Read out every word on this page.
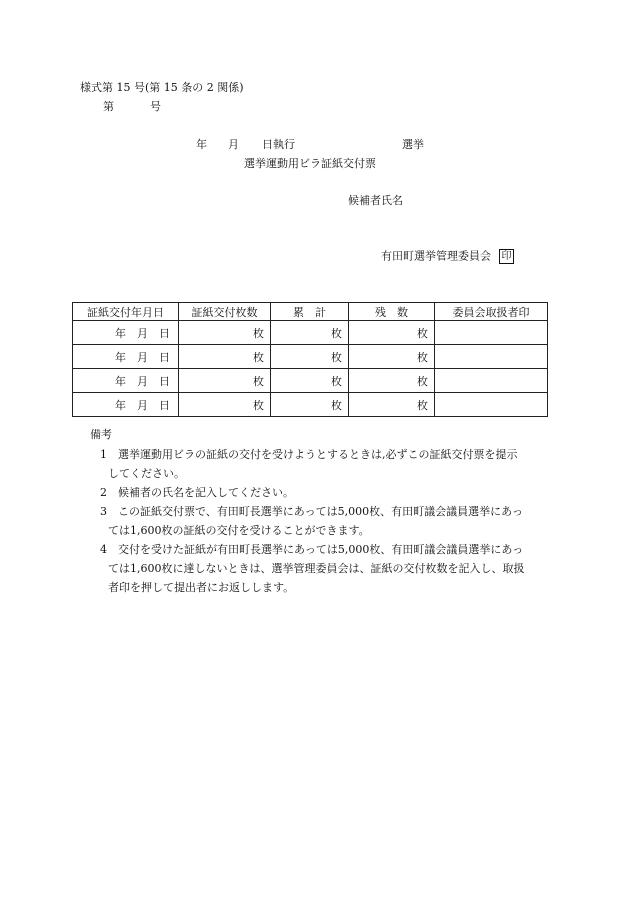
様式第 15 号(第 15 条の 2 関係)
第	号
年 月 日執行	選挙
選挙運動用ビラ証紙交付票
候補者氏名
有田町選挙管理委員会 印
証紙交付年月日	証紙交付枚数	累　計	残　数	委員会取扱者印
年　月　日	枚	枚	枚	
年　月　日	枚	枚	枚	
年　月　日	枚	枚	枚	
年　月　日	枚	枚	枚	
備考
1 選挙運動用ビラの証紙の交付を受けようとするときは,必ずこの証紙交付票を提示
してください。
2 候補者の氏名を記入してください。
3 この証紙交付票で、有田町長選挙にあっては5,000枚、有田町議会議員選挙にあっ
ては1,600枚の証紙の交付を受けることができます。
4 交付を受けた証紙が有田町長選挙にあっては5,000枚、有田町議会議員選挙にあっ
ては1,600枚に達しないときは、選挙管理委員会は、証紙の交付枚数を記入し、取扱
者印を押して提出者にお返しします。
